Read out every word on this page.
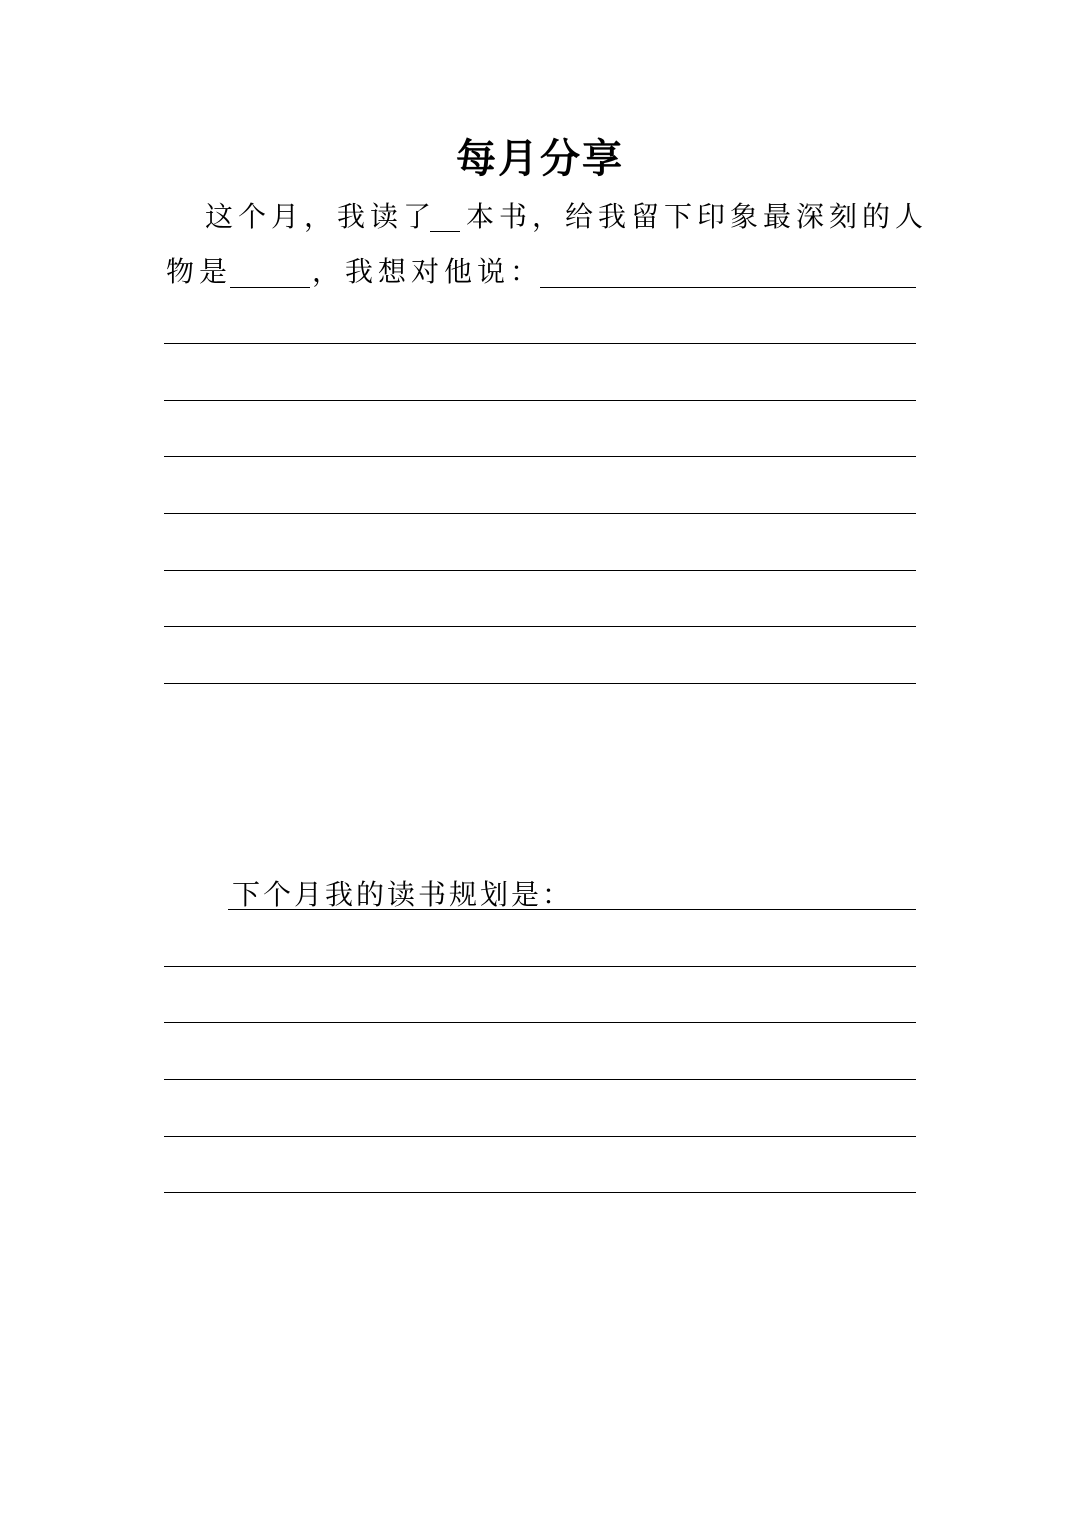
每月分享
这个月，我读了 本书，给我留下印象最深刻的人
物是	，我想对他说：
下个月我的读书规划是：
